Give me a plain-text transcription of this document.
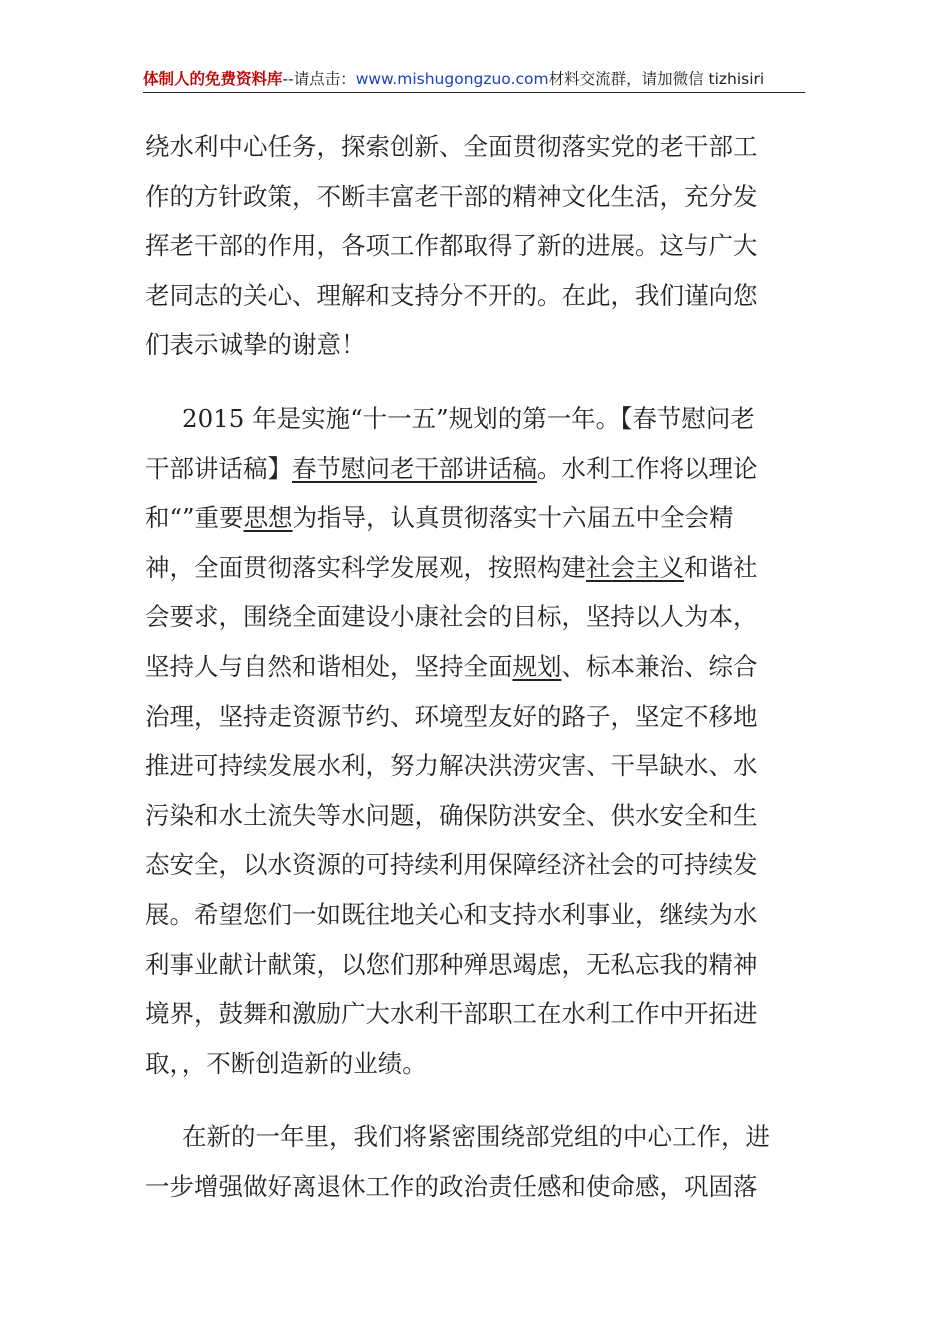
体制人的免费资料库--请点击：www.mishugongzuo.com材料交流群，请加微信 tizhisiri
绕水利中心任务，探索创新、全面贯彻落实党的老干部工
作的方针政策，不断丰富老干部的精神文化生活，充分发
挥老干部的作用，各项工作都取得了新的进展。这与广大
老同志的关心、理解和支持分不开的。在此，我们谨向您
们表示诚挚的谢意！
2015 年是实施“十一五”规划的第一年。【春节慰问老
干部讲话稿】春节慰问老干部讲话稿。水利工作将以理论
和“”重要思想为指导，认真贯彻落实十六届五中全会精
神，全面贯彻落实科学发展观，按照构建社会主义和谐社
会要求，围绕全面建设小康社会的目标，坚持以人为本，
坚持人与自然和谐相处，坚持全面规划、标本兼治、综合
治理，坚持走资源节约、环境型友好的路子，坚定不移地
推进可持续发展水利，努力解决洪涝灾害、干旱缺水、水
污染和水土流失等水问题，确保防洪安全、供水安全和生
态安全，以水资源的可持续利用保障经济社会的可持续发
展。希望您们一如既往地关心和支持水利事业，继续为水
利事业献计献策，以您们那种殚思竭虑，无私忘我的精神
境界，鼓舞和激励广大水利干部职工在水利工作中开拓进
取，，不断创造新的业绩。
在新的一年里，我们将紧密围绕部党组的中心工作，进
一步增强做好离退休工作的政治责任感和使命感，巩固落
